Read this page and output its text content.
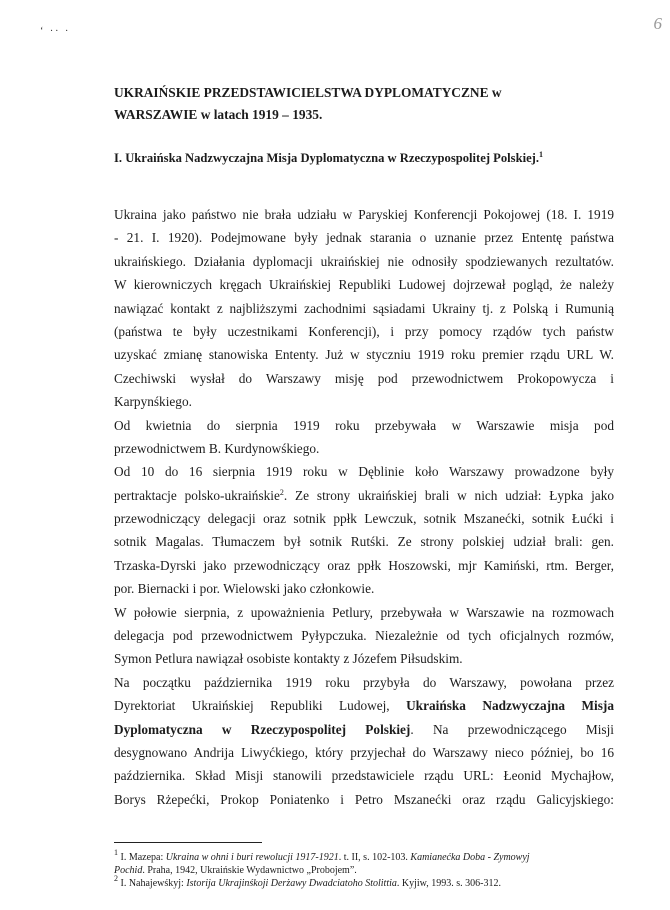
6
‘ ·· ·
UKRAIŃSKIE PRZEDSTAWICIELSTWA DYPLOMATYCZNE w
WARSZAWIE w latach 1919 – 1935.
I. Ukraińska Nadzwyczajna Misja Dyplomatyczna w Rzeczypospolitej Polskiej.$^1$
Ukraina jako państwo nie brała udziału w Paryskiej Konferencji Pokojowej (18. I. 1919
- 21. I. 1920). Podejmowane były jednak starania o uznanie przez Ententę państwa
ukraińskiego. Działania dyplomacji ukraińskiej nie odnosiły spodziewanych rezultatów.
W kierowniczych kręgach Ukraińskiej Republiki Ludowej dojrzewał pogląd, że należy
nawiązać kontakt z najbliższymi zachodnimi sąsiadami Ukrainy tj. z Polską i Rumunią
(państwa te były uczestnikami Konferencji), i przy pomocy rządów tych państw
uzyskać zmianę stanowiska Ententy. Już w styczniu 1919 roku premier rządu URL W.
Czechiwski wysłał do Warszawy misję pod przewodnictwem Prokopowycza i
Karpynśkiego.
Od kwietnia do sierpnia 1919 roku przebywała w Warszawie misja pod
przewodnictwem B. Kurdynowśkiego.
Od 10 do 16 sierpnia 1919 roku w Dęblinie koło Warszawy prowadzone były
pertraktacje polsko-ukraińskie$^2$. Ze strony ukraińskiej brali w nich udział: Łypka jako
przewodniczący delegacji oraz sotnik ppłk Lewczuk, sotnik Mszanećki, sotnik Łućki i
sotnik Magalas. Tłumaczem był sotnik Rutśki. Ze strony polskiej udział brali: gen.
Trzaska-Dyrski jako przewodniczący oraz ppłk Hoszowski, mjr Kamiński, rtm. Berger,
por. Biernacki i por. Wielowski jako członkowie.
W połowie sierpnia, z upoważnienia Petlury, przebywała w Warszawie na rozmowach
delegacja pod przewodnictwem Pyłypczuka. Niezależnie od tych oficjalnych rozmów,
Symon Petlura nawiązał osobiste kontakty z Józefem Piłsudskim.
Na początku października 1919 roku przybyła do Warszawy, powołana przez
Dyrektoriat Ukraińskiej Republiki Ludowej, Ukraińska Nadzwyczajna Misja
Dyplomatyczna w Rzeczypospolitej Polskiej. Na przewodniczącego Misji
desygnowano Andrija Liwyćkiego, który przyjechał do Warszawy nieco później, bo 16
października. Skład Misji stanowili przedstawiciele rządu URL: Łeonid Mychajłow,
Borys Rżepećki, Prokop Poniatenko i Petro Mszanećki oraz rządu Galicyjskiego:
$^1$ I. Mazepa: Ukraina w ohni i buri rewolucji 1917-1921. t. II, s. 102-103. Kamianećka Doba - Zymowyj
Pochid. Praha, 1942, Ukraińskie Wydawnictwo „Probojem”.
$^2$ I. Nahajewśkyj: Istorija Ukrajinśkoji Derżawy Dwadciatoho Stolittia. Kyjiw, 1993. s. 306-312.
